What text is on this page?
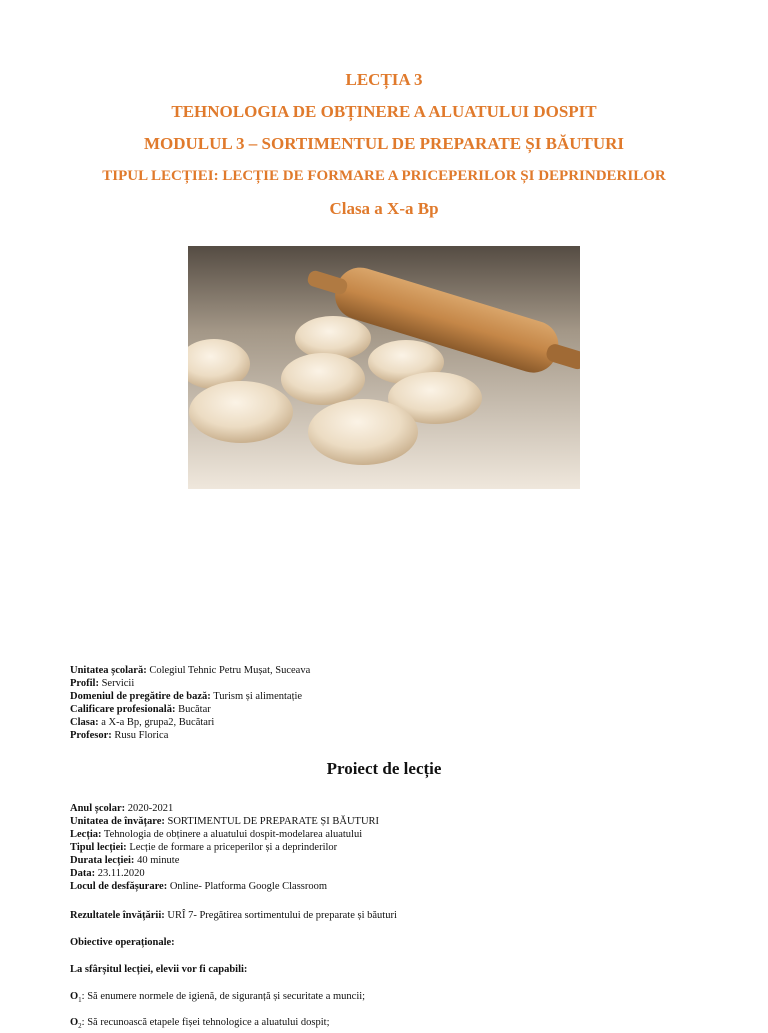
LECȚIA 3
TEHNOLOGIA DE OBȚINERE A ALUATULUI DOSPIT
MODULUL 3 – SORTIMENTUL DE PREPARATE ȘI BĂUTURI
TIPUL LECȚIEI: LECȚIE DE FORMARE A PRICEPERILOR ȘI DEPRINDERILOR
Clasa a X-a Bp
Unitatea școlară: Colegiul Tehnic Petru Mușat, Suceava
Profil: Servicii
Domeniul de pregătire de bază: Turism și alimentație
Calificare profesională: Bucătar
Clasa: a X-a Bp, grupa2, Bucătari
Profesor: Rusu Florica
Proiect de lecție
Anul școlar: 2020-2021
Unitatea de învățare: SORTIMENTUL DE PREPARATE ȘI BĂUTURI
Lecția: Tehnologia de obținere a aluatului dospit-modelarea aluatului
Tipul lecției: Lecție de formare a priceperilor și a deprinderilor
Durata lecției: 40 minute
Data: 23.11.2020
Locul de desfășurare: Online- Platforma Google Classroom
Rezultatele învățării: URÎ 7- Pregătirea sortimentului de preparate și băuturi
Obiective operaționale:
La sfârșitul lecției, elevii vor fi capabili:
$O_1$: Să enumere normele de igienă, de siguranță și securitate a muncii;
$O_2$: Să recunoască etapele fișei tehnologice a aluatului dospit;
